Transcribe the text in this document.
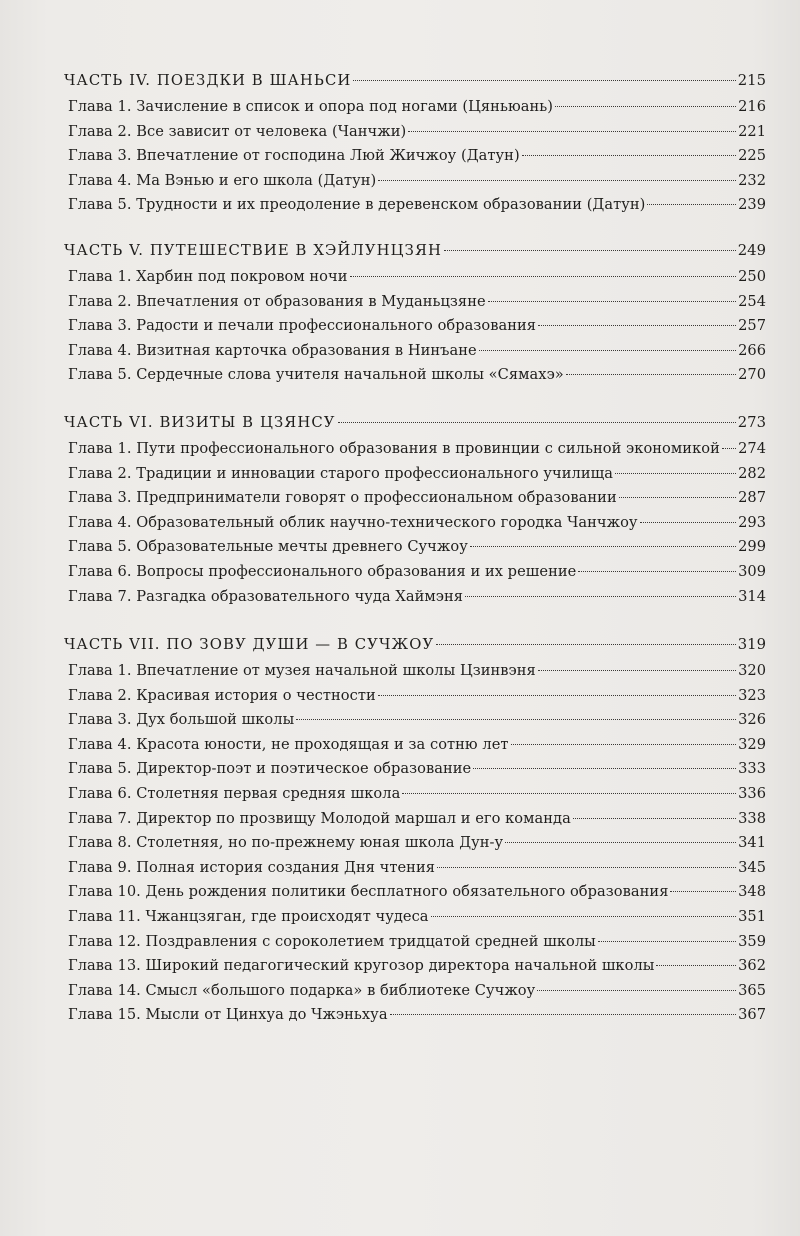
ЧАСТЬ IV. ПОЕЗДКИ В ШАНЬСИ	215
Глава 1. Зачисление в список и опора под ногами (Цяньюань)	216
Глава 2. Все зависит от человека (Чанчжи)	221
Глава 3. Впечатление от господина Люй Жичжоу (Датун)	225
Глава 4. Ма Вэнью и его школа (Датун)	232
Глава 5. Трудности и их преодоление в деревенском образовании (Датун)	239
ЧАСТЬ V. ПУТЕШЕСТВИЕ В ХЭЙЛУНЦЗЯН	249
Глава 1. Харбин под покровом ночи	250
Глава 2. Впечатления от образования в Муданьцзяне	254
Глава 3. Радости и печали профессионального образования	257
Глава 4. Визитная карточка образования в Нинъане	266
Глава 5. Сердечные слова учителя начальной школы «Сямахэ»	270
ЧАСТЬ VI. ВИЗИТЫ В ЦЗЯНСУ	273
Глава 1. Пути профессионального образования в провинции с сильной экономикой 274
Глава 2. Традиции и инновации старого профессионального училища	282
Глава 3. Предприниматели говорят о профессиональном образовании	287
Глава 4. Образовательный облик научно-технического городка Чанчжоу	293
Глава 5. Образовательные мечты древнего Сучжоу	299
Глава 6. Вопросы профессионального образования и их решение	309
Глава 7. Разгадка образовательного чуда Хаймэня	314
ЧАСТЬ VII. ПО ЗОВУ ДУШИ — В СУЧЖОУ	319
Глава 1. Впечатление от музея начальной школы Цзинвэня	320
Глава 2. Красивая история о честности	323
Глава 3. Дух большой школы	326
Глава 4. Красота юности, не проходящая и за сотню лет	329
Глава 5. Директор-поэт и поэтическое образование	333
Глава 6. Столетняя первая средняя школа	336
Глава 7. Директор по прозвищу Молодой маршал и его команда	338
Глава 8. Столетняя, но по-прежнему юная школа Дун-у	341
Глава 9. Полная история создания Дня чтения	345
Глава 10. День рождения политики бесплатного обязательного образования	348
Глава 11. Чжанцзяган, где происходят чудеса	351
Глава 12. Поздравления с сороколетием тридцатой средней школы	359
Глава 13. Широкий педагогический кругозор директора начальной школы	362
Глава 14. Смысл «большого подарка» в библиотеке Сучжоу	365
Глава 15. Мысли от Цинхуа до Чжэньхуа	367
